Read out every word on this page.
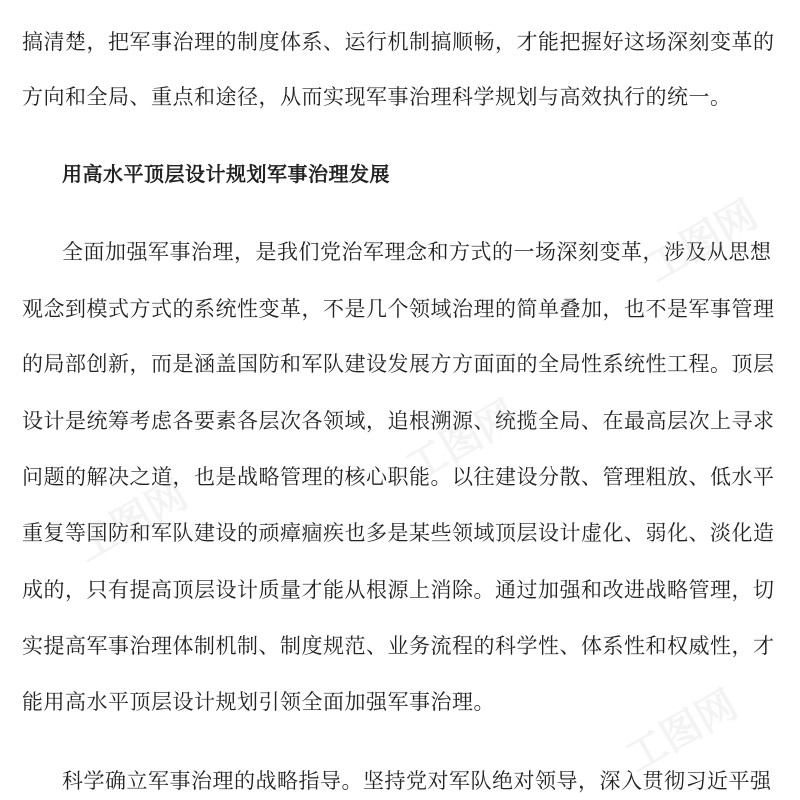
搞清楚，把军事治理的制度体系、运行机制搞顺畅，才能把握好这场深刻变革的
方向和全局、重点和途径，从而实现军事治理科学规划与高效执行的统一。
用高水平顶层设计规划军事治理发展
全面加强军事治理，是我们党治军理念和方式的一场深刻变革，涉及从思想
观念到模式方式的系统性变革，不是几个领域治理的简单叠加，也不是军事管理
的局部创新，而是涵盖国防和军队建设发展方方面面的全局性系统性工程。顶层
设计是统筹考虑各要素各层次各领域，追根溯源、统揽全局、在最高层次上寻求
问题的解决之道，也是战略管理的核心职能。以往建设分散、管理粗放、低水平
重复等国防和军队建设的顽瘴痼疾也多是某些领域顶层设计虚化、弱化、淡化造
成的，只有提高顶层设计质量才能从根源上消除。通过加强和改进战略管理，切
实提高军事治理体制机制、制度规范、业务流程的科学性、体系性和权威性，才
能用高水平顶层设计规划引领全面加强军事治理。
科学确立军事治理的战略指导。坚持党对军队绝对领导，深入贯彻习近平强
工图网
工图网
工图网
工图网
